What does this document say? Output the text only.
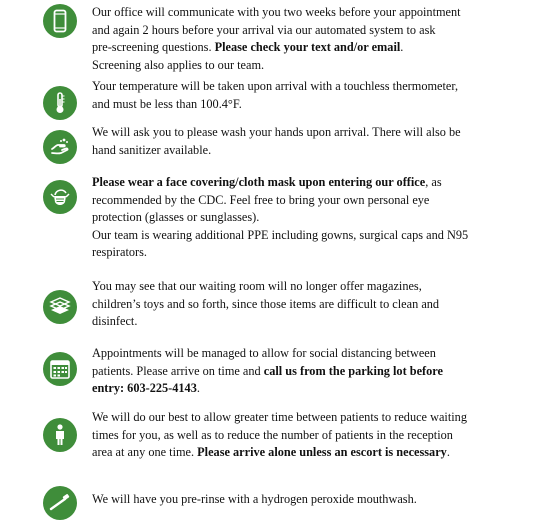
Our office will communicate with you two weeks before your appointment
and again 2 hours before your arrival via our automated system to ask
pre-screening questions. Please check your text and/or email.
Screening also applies to our team.
Your temperature will be taken upon arrival with a touchless thermometer,
and must be less than 100.4°F.
We will ask you to please wash your hands upon arrival. There will also be
hand sanitizer available.
Please wear a face covering/cloth mask upon entering our office, as
recommended by the CDC. Feel free to bring your own personal eye
protection (glasses or sunglasses).
Our team is wearing additional PPE including gowns, surgical caps and N95
respirators.
You may see that our waiting room will no longer offer magazines,
children’s toys and so forth, since those items are difficult to clean and
disinfect.
Appointments will be managed to allow for social distancing between
patients. Please arrive on time and call us from the parking lot before
entry: 603-225-4143.
We will do our best to allow greater time between patients to reduce waiting
times for you, as well as to reduce the number of patients in the reception
area at any one time. Please arrive alone unless an escort is necessary.
We will have you pre-rinse with a hydrogen peroxide mouthwash.
